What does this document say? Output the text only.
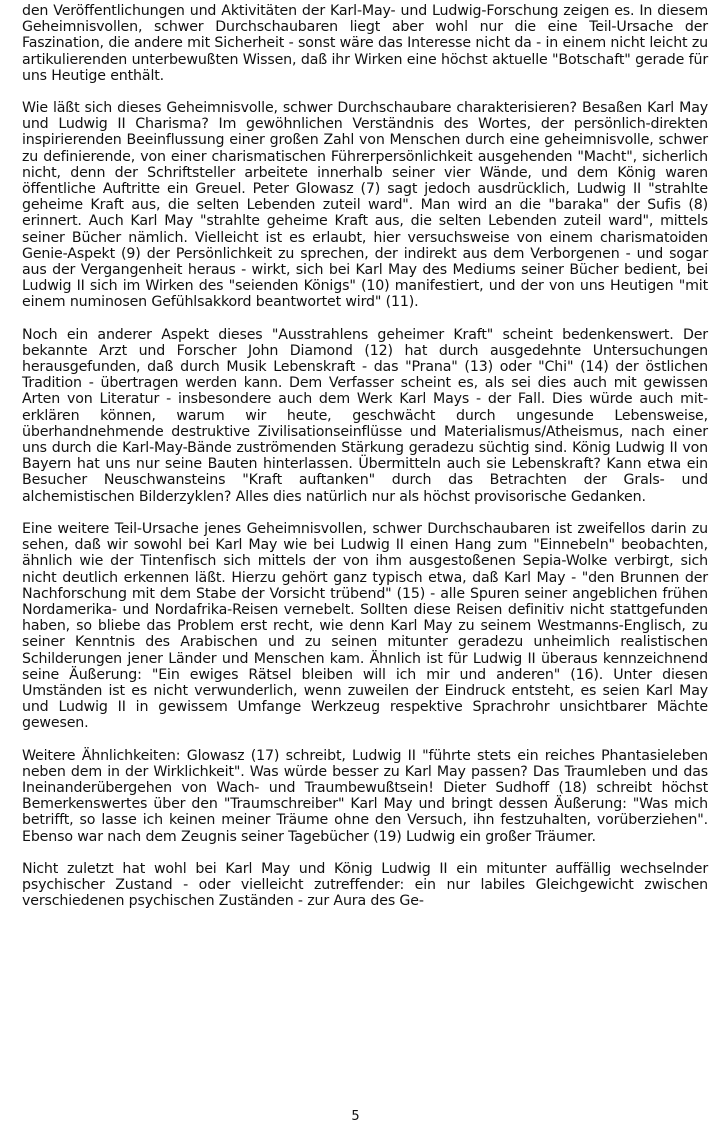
den Veröffentlichungen und Aktivitäten der Karl-May- und Ludwig-Forschung zeigen es. In diesem Geheimnisvollen, schwer Durchschaubaren liegt aber wohl nur die eine Teil-Ursache der Faszination, die andere mit Sicherheit - sonst wäre das Interesse nicht da - in einem nicht leicht zu artikulierenden unterbewußten Wissen, daß ihr Wirken eine höchst aktuelle "Botschaft" gerade für uns Heutige enthält.

Wie läßt sich dieses Geheimnisvolle, schwer Durchschaubare charakterisieren? Besaßen Karl May und Ludwig II Charisma? Im gewöhnlichen Verständnis des Wortes, der persönlich-direkten inspirierenden Beeinflussung einer großen Zahl von Menschen durch eine geheimnisvolle, schwer zu definierende, von einer charismatischen Führerpersönlichkeit ausgehenden "Macht", sicherlich nicht, denn der Schriftsteller arbeitete innerhalb seiner vier Wände, und dem König waren öffentliche Auftritte ein Greuel. Peter Glowasz (7) sagt jedoch ausdrücklich, Ludwig II "strahlte geheime Kraft aus, die selten Lebenden zuteil ward". Man wird an die "baraka" der Sufis (8) erinnert. Auch Karl May "strahlte geheime Kraft aus, die selten Lebenden zuteil ward", mittels seiner Bücher nämlich. Vielleicht ist es erlaubt, hier versuchsweise von einem charismatoiden Genie-Aspekt (9) der Persönlichkeit zu sprechen, der indirekt aus dem Verborgenen - und sogar aus der Vergangenheit heraus - wirkt, sich bei Karl May des Mediums seiner Bücher bedient, bei Ludwig II sich im Wirken des "seienden Königs" (10) manifestiert, und der von uns Heutigen "mit einem numinosen Gefühlsakkord beantwortet wird" (11).

Noch ein anderer Aspekt dieses "Ausstrahlens geheimer Kraft" scheint bedenkenswert. Der bekannte Arzt und Forscher John Diamond (12) hat durch ausgedehnte Untersuchungen herausgefunden, daß durch Musik Lebenskraft - das "Prana" (13) oder "Chi" (14) der östlichen Tradition - übertragen werden kann. Dem Verfasser scheint es, als sei dies auch mit gewissen Arten von Literatur - insbesondere auch dem Werk Karl Mays - der Fall. Dies würde auch mit-erklären können, warum wir heute, geschwächt durch ungesunde Lebensweise, überhandnehmende destruktive Zivilisationseinflüsse und Materialismus/Atheismus, nach einer uns durch die Karl-May-Bände zuströmenden Stärkung geradezu süchtig sind. König Ludwig II von Bayern hat uns nur seine Bauten hinterlassen. Übermitteln auch sie Lebenskraft? Kann etwa ein Besucher Neuschwansteins "Kraft auftanken" durch das Betrachten der Grals- und alchemistischen Bilderzyklen? Alles dies natürlich nur als höchst provisorische Gedanken.

Eine weitere Teil-Ursache jenes Geheimnisvollen, schwer Durchschaubaren ist zweifellos darin zu sehen, daß wir sowohl bei Karl May wie bei Ludwig II einen Hang zum "Einnebeln" beobachten, ähnlich wie der Tintenfisch sich mittels der von ihm ausgestoßenen Sepia-Wolke verbirgt, sich nicht deutlich erkennen läßt. Hierzu gehört ganz typisch etwa, daß Karl May - "den Brunnen der Nachforschung mit dem Stabe der Vorsicht trübend" (15) - alle Spuren seiner angeblichen frühen Nordamerika- und Nordafrika-Reisen vernebelt. Sollten diese Reisen definitiv nicht stattgefunden haben, so bliebe das Problem erst recht, wie denn Karl May zu seinem Westmanns-Englisch, zu seiner Kenntnis des Arabischen und zu seinen mitunter geradezu unheimlich realistischen Schilderungen jener Länder und Menschen kam. Ähnlich ist für Ludwig II überaus kennzeichnend seine Äußerung: "Ein ewiges Rätsel bleiben will ich mir und anderen" (16). Unter diesen Umständen ist es nicht verwunderlich, wenn zuweilen der Eindruck entsteht, es seien Karl May und Ludwig II in gewissem Umfange Werkzeug respektive Sprachrohr unsichtbarer Mächte gewesen.

Weitere Ähnlichkeiten: Glowasz (17) schreibt, Ludwig II "führte stets ein reiches Phantasieleben neben dem in der Wirklichkeit". Was würde besser zu Karl May passen? Das Traumleben und das Ineinanderübergehen von Wach- und Traumbewußtsein! Dieter Sudhoff (18) schreibt höchst Bemerkenswertes über den "Traumschreiber" Karl May und bringt dessen Äußerung: "Was mich betrifft, so lasse ich keinen meiner Träume ohne den Versuch, ihn festzuhalten, vorüberziehen". Ebenso war nach dem Zeugnis seiner Tagebücher (19) Ludwig ein großer Träumer.

Nicht zuletzt hat wohl bei Karl May und König Ludwig II ein mitunter auffällig wechselnder psychischer Zustand - oder vielleicht zutreffender: ein nur labiles Gleichgewicht zwischen verschiedenen psychischen Zuständen - zur Aura des Ge-

5
